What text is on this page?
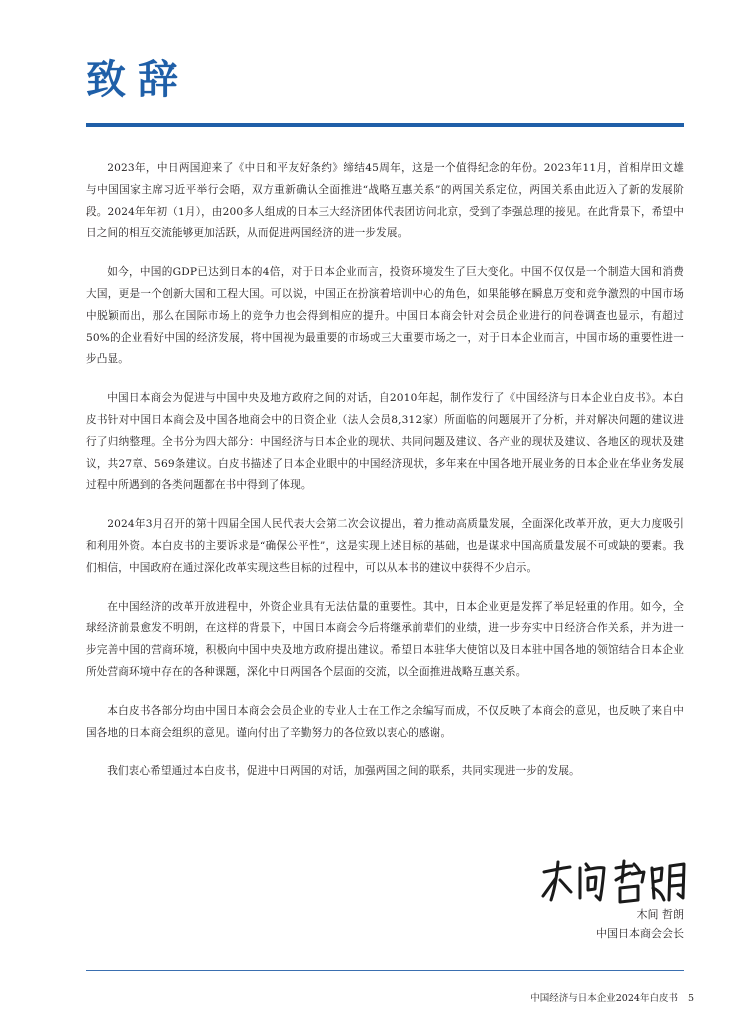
致辞

2023年，中日两国迎来了《中日和平友好条约》缔结45周年，这是一个值得纪念的年份。2023年11月，首相岸田文雄与中国国家主席习近平举行会晤，双方重新确认全面推进“战略互惠关系”的两国关系定位，两国关系由此迈入了新的发展阶段。2024年年初（1月），由200多人组成的日本三大经济团体代表团访问北京，受到了李强总理的接见。在此背景下，希望中日之间的相互交流能够更加活跃，从而促进两国经济的进一步发展。

如今，中国的GDP已达到日本的4倍，对于日本企业而言，投资环境发生了巨大变化。中国不仅仅是一个制造大国和消费大国，更是一个创新大国和工程大国。可以说，中国正在扮演着培训中心的角色，如果能够在瞬息万变和竞争激烈的中国市场中脱颖而出，那么在国际市场上的竞争力也会得到相应的提升。中国日本商会针对会员企业进行的问卷调查也显示，有超过50%的企业看好中国的经济发展，将中国视为最重要的市场或三大重要市场之一，对于日本企业而言，中国市场的重要性进一步凸显。

中国日本商会为促进与中国中央及地方政府之间的对话，自2010年起，制作发行了《中国经济与日本企业白皮书》。本白皮书针对中国日本商会及中国各地商会中的日资企业（法人会员8,312家）所面临的问题展开了分析，并对解决问题的建议进行了归纳整理。全书分为四大部分：中国经济与日本企业的现状、共同问题及建议、各产业的现状及建议、各地区的现状及建议，共27章、569条建议。白皮书描述了日本企业眼中的中国经济现状，多年来在中国各地开展业务的日本企业在华业务发展过程中所遇到的各类问题都在书中得到了体现。

2024年3月召开的第十四届全国人民代表大会第二次会议提出，着力推动高质量发展，全面深化改革开放，更大力度吸引和利用外资。本白皮书的主要诉求是“确保公平性”，这是实现上述目标的基础，也是谋求中国高质量发展不可或缺的要素。我们相信，中国政府在通过深化改革实现这些目标的过程中，可以从本书的建议中获得不少启示。

在中国经济的改革开放进程中，外资企业具有无法估量的重要性。其中，日本企业更是发挥了举足轻重的作用。如今，全球经济前景愈发不明朗，在这样的背景下，中国日本商会今后将继承前辈们的业绩，进一步夯实中日经济合作关系，并为进一步完善中国的营商环境，积极向中国中央及地方政府提出建议。希望日本驻华大使馆以及日本驻中国各地的领馆结合日本企业所处营商环境中存在的各种课题，深化中日两国各个层面的交流，以全面推进战略互惠关系。

本白皮书各部分均由中国日本商会会员企业的专业人士在工作之余编写而成，不仅反映了本商会的意见，也反映了来自中国各地的日本商会组织的意见。谨向付出了辛勤努力的各位致以衷心的感谢。

我们衷心希望通过本白皮书，促进中日两国的对话，加强两国之间的联系，共同实现进一步的发展。

木间 哲朗
中国日本商会会长
中国经济与日本企业2024年白皮书 5
